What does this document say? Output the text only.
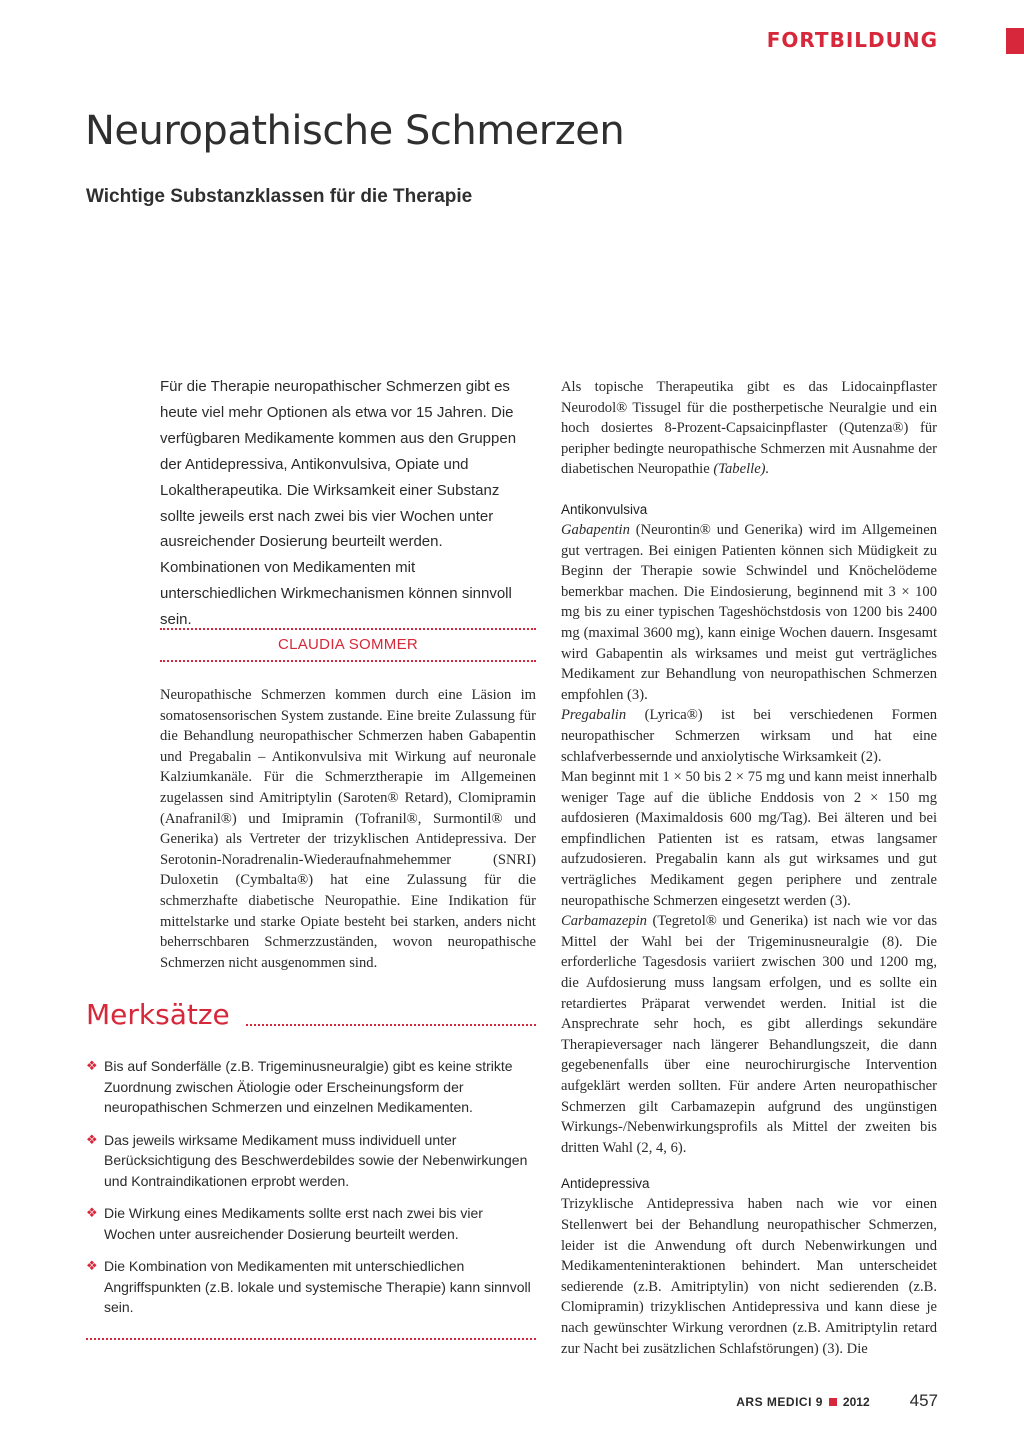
FORTBILDUNG
Neuropathische Schmerzen
Wichtige Substanzklassen für die Therapie

Für die Therapie neuropathischer Schmerzen gibt es heute viel mehr Optionen als etwa vor 15 Jahren. Die verfügbaren Medikamente kommen aus den Gruppen der Antidepressiva, Antikonvulsiva, Opiate und Lokaltherapeutika. Die Wirksamkeit einer Substanz sollte jeweils erst nach zwei bis vier Wochen unter ausreichender Dosierung beurteilt werden. Kombinationen von Medikamenten mit unterschiedlichen Wirkmechanismen können sinnvoll sein.

CLAUDIA SOMMER

Neuropathische Schmerzen kommen durch eine Läsion im somatosensorischen System zustande. Eine breite Zulassung für die Behandlung neuropathischer Schmerzen haben Gabapentin und Pregabalin – Antikonvulsiva mit Wirkung auf neuronale Kalziumkanäle. Für die Schmerztherapie im Allgemeinen zugelassen sind Amitriptylin (Saroten® Retard), Clomipramin (Anafranil®) und Imipramin (Tofranil®, Surmontil® und Generika) als Vertreter der trizyklischen Antidepressiva. Der Serotonin-Noradrenalin-Wiederaufnahmehemmer (SNRI) Duloxetin (Cymbalta®) hat eine Zulassung für die schmerzhafte diabetische Neuropathie. Eine Indikation für mittelstarke und starke Opiate besteht bei starken, anders nicht beherrschbaren Schmerzzuständen, wovon neuropathische Schmerzen nicht ausgenommen sind.

Merksätze
❖ Bis auf Sonderfälle (z.B. Trigeminusneuralgie) gibt es keine strikte Zuordnung zwischen Ätiologie oder Erscheinungsform der neuropathischen Schmerzen und einzelnen Medikamenten.
❖ Das jeweils wirksame Medikament muss individuell unter Berücksichtigung des Beschwerdebildes sowie der Nebenwirkungen und Kontraindikationen erprobt werden.
❖ Die Wirkung eines Medikaments sollte erst nach zwei bis vier Wochen unter ausreichender Dosierung beurteilt werden.
❖ Die Kombination von Medikamenten mit unterschiedlichen Angriffspunkten (z.B. lokale und systemische Therapie) kann sinnvoll sein.

Als topische Therapeutika gibt es das Lidocainpflaster Neurodol® Tissugel für die postherpetische Neuralgie und ein hoch dosiertes 8-Prozent-Capsaicinpflaster (Qutenza®) für peripher bedingte neuropathische Schmerzen mit Ausnahme der diabetischen Neuropathie (Tabelle).

Antikonvulsiva

Gabapentin (Neurontin® und Generika) wird im Allgemeinen gut vertragen. Bei einigen Patienten können sich Müdigkeit zu Beginn der Therapie sowie Schwindel und Knöchelödeme bemerkbar machen. Die Eindosierung, beginnend mit 3 × 100 mg bis zu einer typischen Tageshöchstdosis von 1200 bis 2400 mg (maximal 3600 mg), kann einige Wochen dauern. Insgesamt wird Gabapentin als wirksames und meist gut verträgliches Medikament zur Behandlung von neuropathischen Schmerzen empfohlen (3).

Pregabalin (Lyrica®) ist bei verschiedenen Formen neuropathischer Schmerzen wirksam und hat eine schlafverbessernde und anxiolytische Wirksamkeit (2).

Man beginnt mit 1 × 50 bis 2 × 75 mg und kann meist innerhalb weniger Tage auf die übliche Enddosis von 2 × 150 mg aufdosieren (Maximaldosis 600 mg/Tag). Bei älteren und bei empfindlichen Patienten ist es ratsam, etwas langsamer aufzudosieren. Pregabalin kann als gut wirksames und gut verträgliches Medikament gegen periphere und zentrale neuropathische Schmerzen eingesetzt werden (3).

Carbamazepin (Tegretol® und Generika) ist nach wie vor das Mittel der Wahl bei der Trigeminusneuralgie (8). Die erforderliche Tagesdosis variiert zwischen 300 und 1200 mg, die Aufdosierung muss langsam erfolgen, und es sollte ein retardiertes Präparat verwendet werden. Initial ist die Ansprechrate sehr hoch, es gibt allerdings sekundäre Therapieversager nach längerer Behandlungszeit, die dann gegebenenfalls über eine neurochirurgische Intervention aufgeklärt werden sollten. Für andere Arten neuropathischer Schmerzen gilt Carbamazepin aufgrund des ungünstigen Wirkungs-/Nebenwirkungsprofils als Mittel der zweiten bis dritten Wahl (2, 4, 6).

Antidepressiva

Trizyklische Antidepressiva haben nach wie vor einen Stellenwert bei der Behandlung neuropathischer Schmerzen, leider ist die Anwendung oft durch Nebenwirkungen und Medikamenteninteraktionen behindert. Man unterscheidet sedierende (z.B. Amitriptylin) von nicht sedierenden (z.B. Clomipramin) trizyklischen Antidepressiva und kann diese je nach gewünschter Wirkung verordnen (z.B. Amitriptylin retard zur Nacht bei zusätzlichen Schlafstörungen) (3). Die

ARS MEDICI 9 2012 457
